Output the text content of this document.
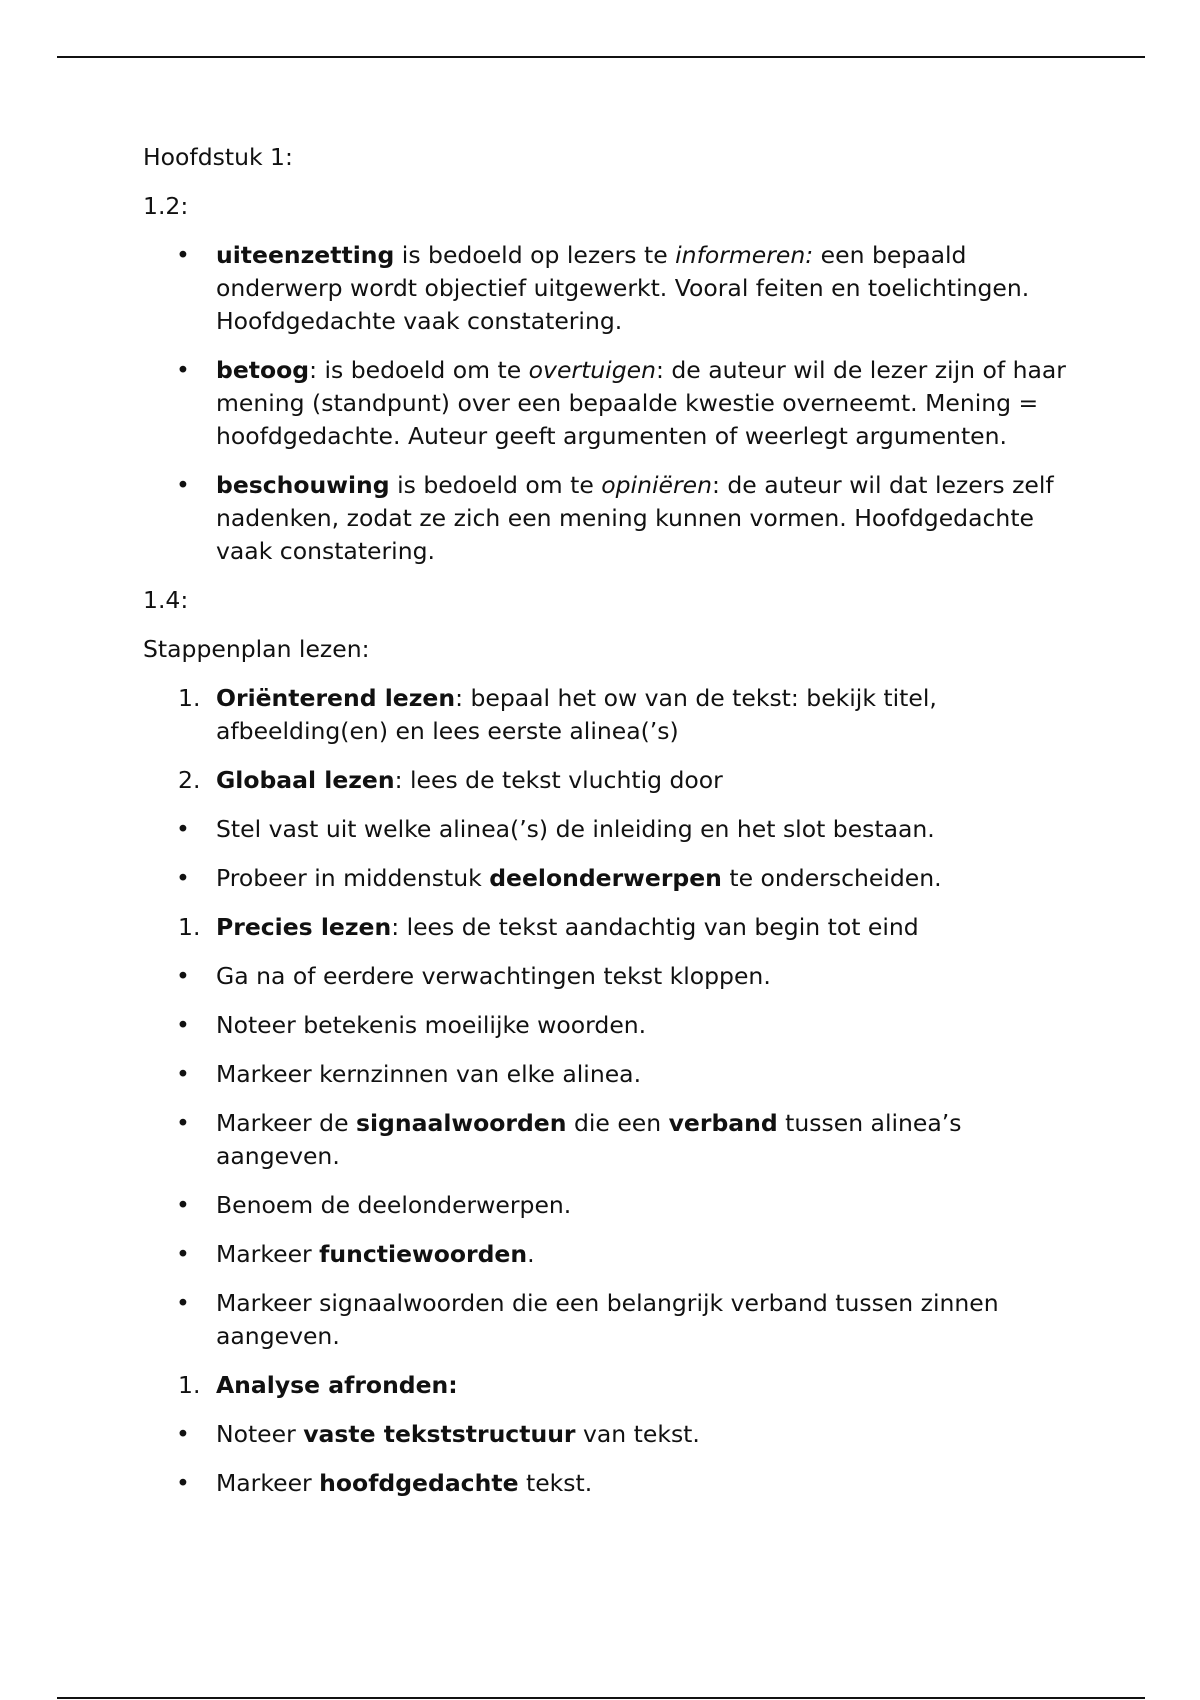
Hoofdstuk 1:

1.2:

• uiteenzetting is bedoeld op lezers te informeren: een bepaald onderwerp wordt objectief uitgewerkt. Vooral feiten en toelichtingen. Hoofdgedachte vaak constatering.
• betoog: is bedoeld om te overtuigen: de auteur wil de lezer zijn of haar mening (standpunt) over een bepaalde kwestie overneemt. Mening = hoofdgedachte. Auteur geeft argumenten of weerlegt argumenten.
• beschouwing is bedoeld om te opiniëren: de auteur wil dat lezers zelf nadenken, zodat ze zich een mening kunnen vormen. Hoofdgedachte vaak constatering.

1.4:

Stappenplan lezen:

1. Oriënterend lezen: bepaal het ow van de tekst: bekijk titel, afbeelding(en) en lees eerste alinea(’s)
2. Globaal lezen: lees de tekst vluchtig door
• Stel vast uit welke alinea(’s) de inleiding en het slot bestaan.
• Probeer in middenstuk deelonderwerpen te onderscheiden.
1. Precies lezen: lees de tekst aandachtig van begin tot eind
• Ga na of eerdere verwachtingen tekst kloppen.
• Noteer betekenis moeilijke woorden.
• Markeer kernzinnen van elke alinea.
• Markeer de signaalwoorden die een verband tussen alinea’s aangeven.
• Benoem de deelonderwerpen.
• Markeer functiewoorden.
• Markeer signaalwoorden die een belangrijk verband tussen zinnen aangeven.
1. Analyse afronden:
• Noteer vaste tekststructuur van tekst.
• Markeer hoofdgedachte tekst.
